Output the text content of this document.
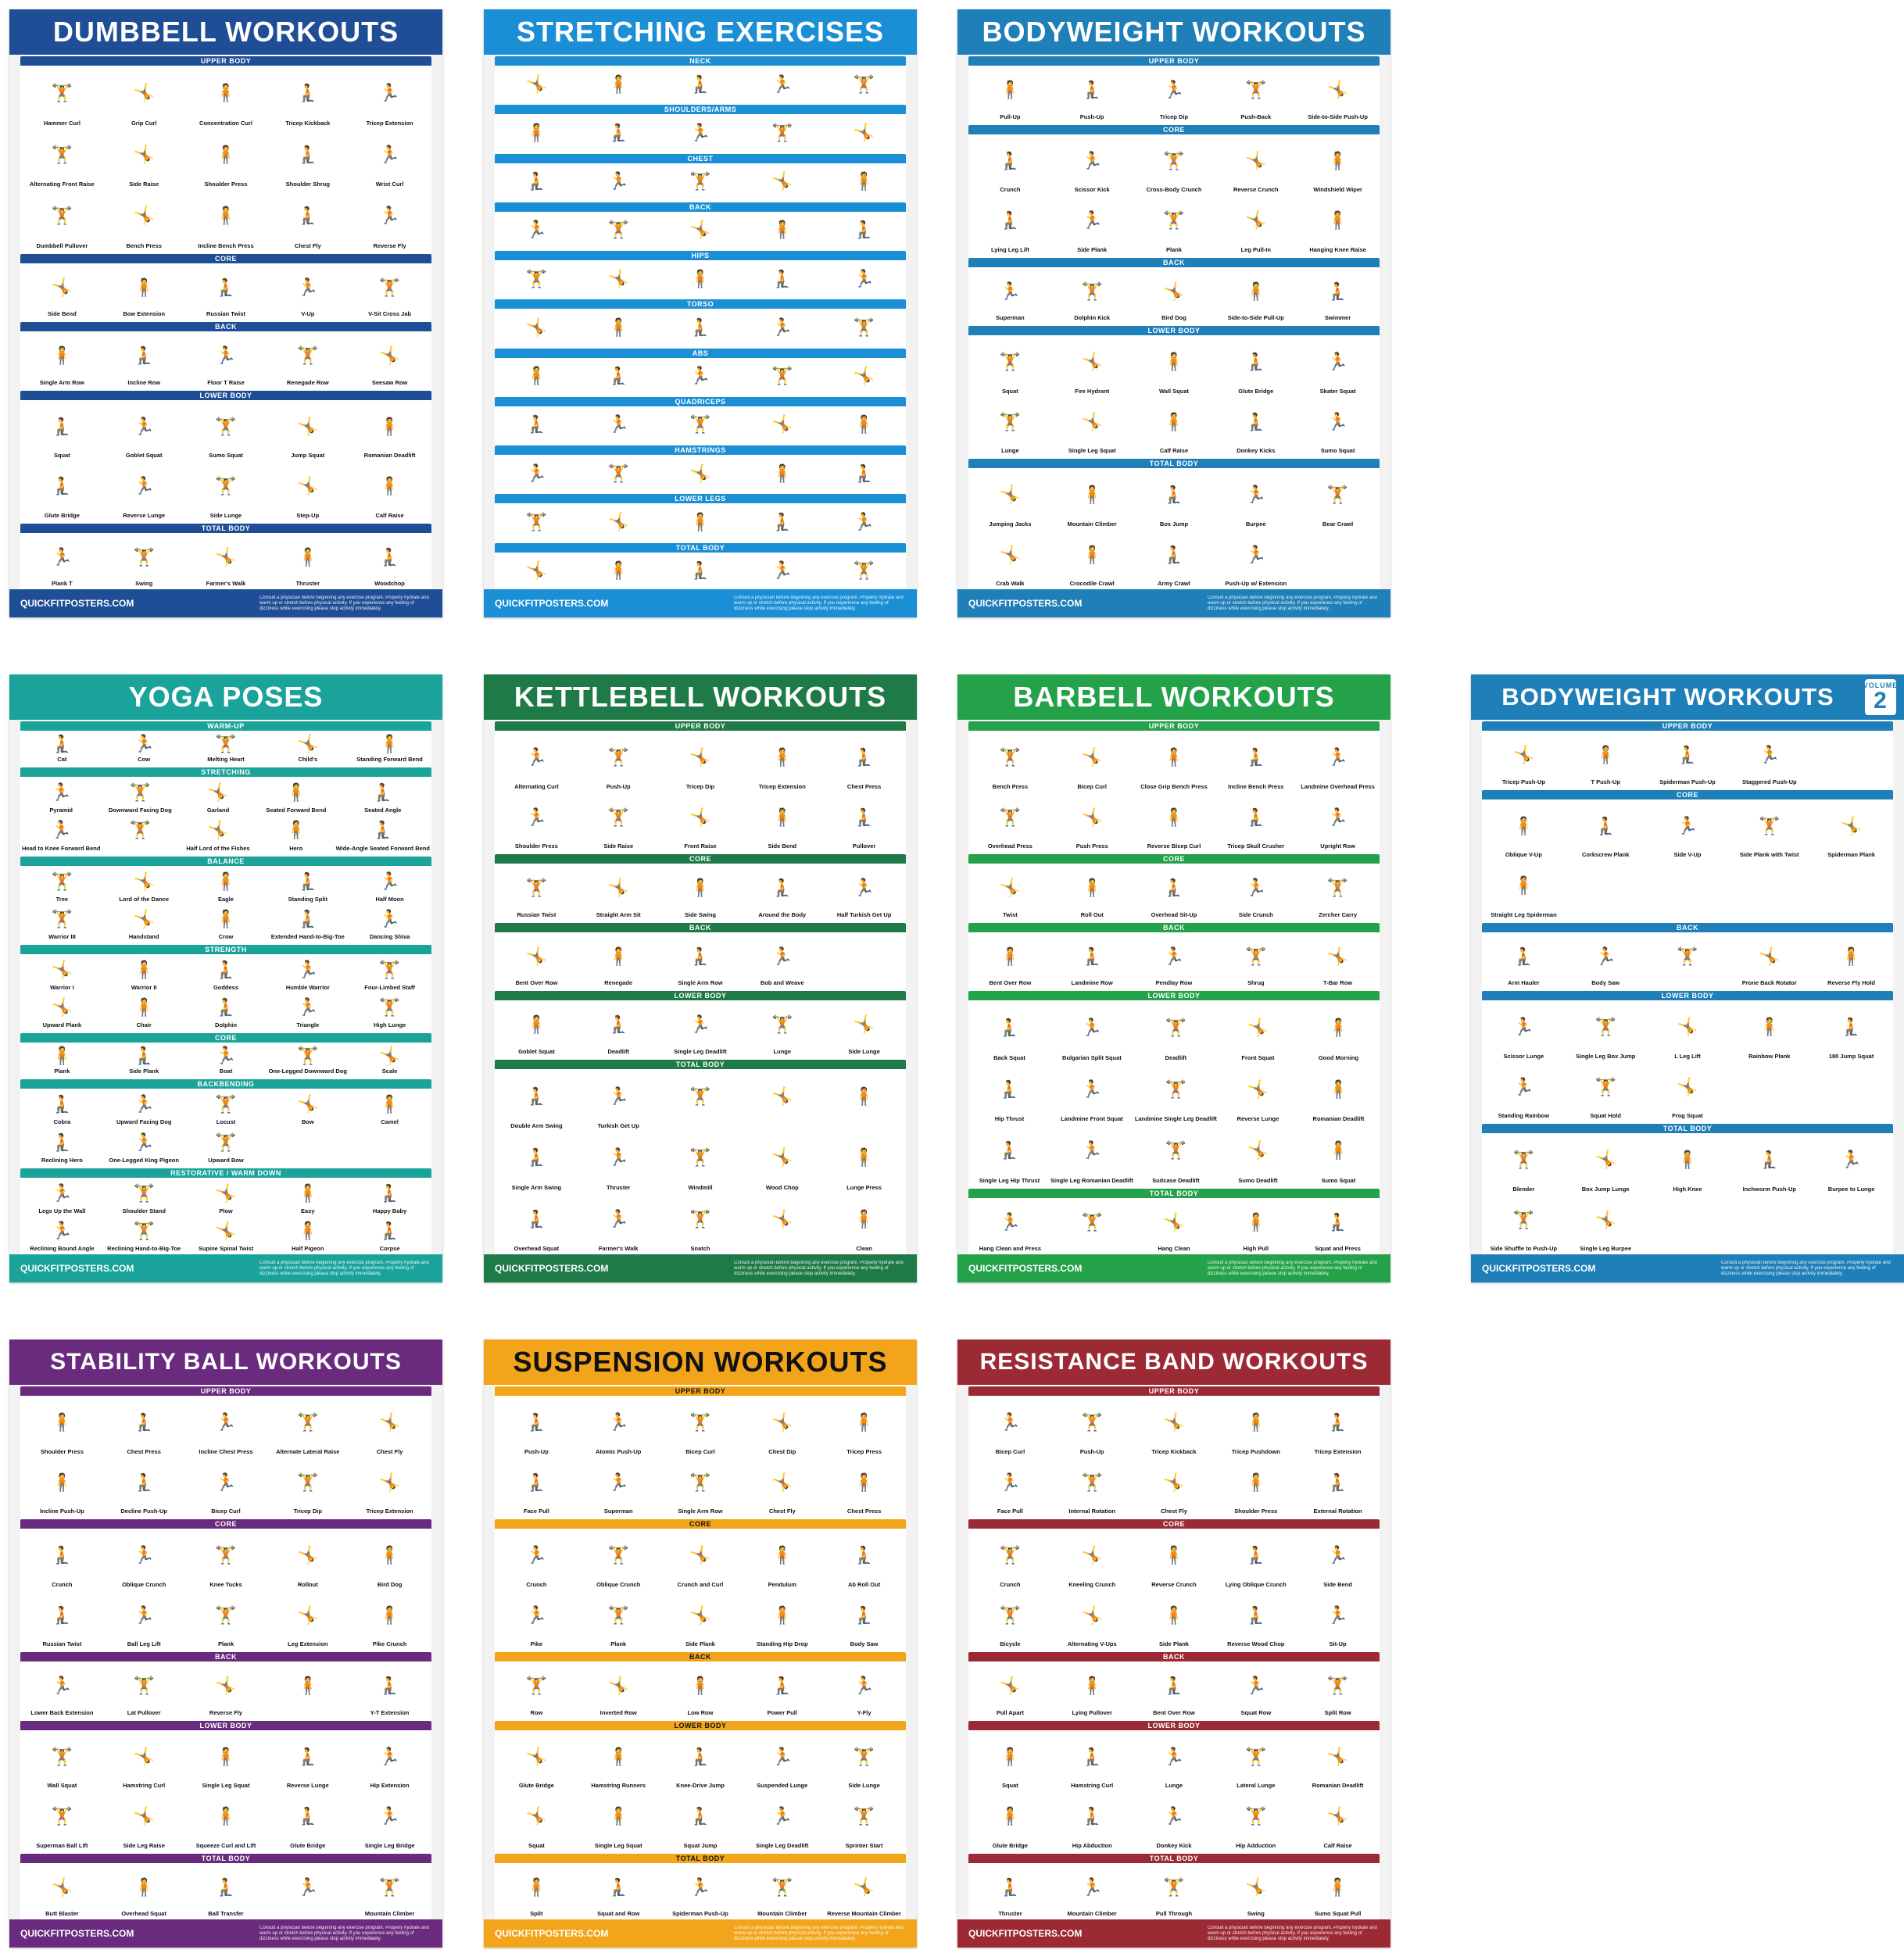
DUMBBELL WORKOUTS
UPPER BODY
🏋
Hammer Curl
🤸
Grip Curl
🧍
Concentration Curl
🧎
Tricep Kickback
🏃
Tricep Extension
🏋
Alternating Front Raise
🤸
Side Raise
🧍
Shoulder Press
🧎
Shoulder Shrug
🏃
Wrist Curl
🏋
Dumbbell Pullover
🤸
Bench Press
🧍
Incline Bench Press
🧎
Chest Fly
🏃
Reverse Fly
CORE
🤸
Side Bend
🧍
Bow Extension
🧎
Russian Twist
🏃
V-Up
🏋
V-Sit Cross Jab
BACK
🧍
Single Arm Row
🧎
Incline Row
🏃
Floor T Raise
🏋
Renegade Row
🤸
Seesaw Row
LOWER BODY
🧎
Squat
🏃
Goblet Squat
🏋
Sumo Squat
🤸
Jump Squat
🧍
Romanian Deadlift
🧎
Glute Bridge
🏃
Reverse Lunge
🏋
Side Lunge
🤸
Step-Up
🧍
Calf Raise
TOTAL BODY
🏃
Plank T
🏋
Swing
🤸
Farmer's Walk
🧍
Thruster
🧎
Woodchop
QUICKFITPOSTERS.COM
Consult a physician before beginning any exercise program. Properly hydrate and warm up or stretch before physical activity. If you experience any feeling of dizziness while exercising please stop activity immediately.
STRETCHING EXERCISES
NECK
🤸	🧍	🧎	🏃	🏋
SHOULDERS/ARMS
🧍	🧎	🏃	🏋	🤸
CHEST
🧎	🏃	🏋	🤸	🧍
BACK
🏃	🏋	🤸	🧍	🧎
HIPS
🏋	🤸	🧍	🧎	🏃
TORSO
🤸	🧍	🧎	🏃	🏋
ABS
🧍	🧎	🏃	🏋	🤸
QUADRICEPS
🧎	🏃	🏋	🤸	🧍
HAMSTRINGS
🏃	🏋	🤸	🧍	🧎
LOWER LEGS
🏋	🤸	🧍	🧎	🏃
TOTAL BODY
🤸	🧍	🧎	🏃	🏋
QUICKFITPOSTERS.COM
Consult a physician before beginning any exercise program. Properly hydrate and warm up or stretch before physical activity. If you experience any feeling of dizziness while exercising please stop activity immediately.
BODYWEIGHT WORKOUTS
UPPER BODY
🧍
Pull-Up
🧎
Push-Up
🏃
Tricep Dip
🏋
Push-Back
🤸
Side-to-Side Push-Up
CORE
🧎
Crunch
🏃
Scissor Kick
🏋
Cross-Body Crunch
🤸
Reverse Crunch
🧍
Windshield Wiper
🧎
Lying Leg Lift
🏃
Side Plank
🏋
Plank
🤸
Leg Pull-In
🧍
Hanging Knee Raise
BACK
🏃
Superman
🏋
Dolphin Kick
🤸
Bird Dog
🧍
Side-to-Side Pull-Up
🧎
Swimmer
LOWER BODY
🏋
Squat
🤸
Fire Hydrant
🧍
Wall Squat
🧎
Glute Bridge
🏃
Skater Squat
🏋
Lunge
🤸
Single Leg Squat
🧍
Calf Raise
🧎
Donkey Kicks
🏃
Sumo Squat
TOTAL BODY
🤸
Jumping Jacks
🧍
Mountain Climber
🧎
Box Jump
🏃
Burpee
🏋
Bear Crawl
🤸
Crab Walk
🧍
Crocodile Crawl
🧎
Army Crawl
🏃
Push-Up w/ Extension
QUICKFITPOSTERS.COM
Consult a physician before beginning any exercise program. Properly hydrate and warm up or stretch before physical activity. If you experience any feeling of dizziness while exercising please stop activity immediately.
YOGA POSES
WARM-UP
🧎
Cat
🏃
Cow
🏋
Melting Heart
🤸
Child's
🧍
Standing Forward Bend
STRETCHING
🏃
Pyramid
🏋
Downward Facing Dog
🤸
Garland
🧍
Seated Forward Bend
🧎
Seated Angle
🏃
Head to Knee Forward Bend
🏋	🤸
Half Lord of the Fishes
🧍
Hero
🧎
Wide-Angle Seated Forward Bend
BALANCE
🏋
Tree
🤸
Lord of the Dance
🧍
Eagle
🧎
Standing Split
🏃
Half Moon
🏋
Warrior III
🤸
Handstand
🧍
Crow
🧎
Extended Hand-to-Big-Toe
🏃
Dancing Shiva
STRENGTH
🤸
Warrior I
🧍
Warrior II
🧎
Goddess
🏃
Humble Warrior
🏋
Four-Limbed Staff
🤸
Upward Plank
🧍
Chair
🧎
Dolphin
🏃
Triangle
🏋
High Lunge
CORE
🧍
Plank
🧎
Side Plank
🏃
Boat
🏋
One-Legged Downward Dog
🤸
Scale
BACKBENDING
🧎
Cobra
🏃
Upward Facing Dog
🏋
Locust
🤸
Bow
🧍
Camel
🧎
Reclining Hero
🏃
One-Legged King Pigeon
🏋
Upward Bow
RESTORATIVE / WARM DOWN
🏃
Legs Up the Wall
🏋
Shoulder Stand
🤸
Plow
🧍
Easy
🧎
Happy Baby
🏃
Reclining Bound Angle
🏋
Reclining Hand-to-Big-Toe
🤸
Supine Spinal Twist
🧍
Half Pigeon
🧎
Corpse
QUICKFITPOSTERS.COM
Consult a physician before beginning any exercise program. Properly hydrate and warm up or stretch before physical activity. If you experience any feeling of dizziness while exercising please stop activity immediately.
KETTLEBELL WORKOUTS
UPPER BODY
🏃
Alternating Curl
🏋
Push-Up
🤸
Tricep Dip
🧍
Tricep Extension
🧎
Chest Press
🏃
Shoulder Press
🏋
Side Raise
🤸
Front Raise
🧍
Side Bend
🧎
Pullover
CORE
🏋
Russian Twist
🤸
Straight Arm Sit
🧍
Side Swing
🧎
Around the Body
🏃
Half Turkish Get Up
BACK
🤸
Bent Over Row
🧍
Renegade
🧎
Single Arm Row
🏃
Bob and Weave
LOWER BODY
🧍
Goblet Squat
🧎
Deadlift
🏃
Single Leg Deadlift
🏋
Lunge
🤸
Side Lunge
TOTAL BODY
🧎
Double Arm Swing
🏃
Turkish Get Up
🏋	🤸	🧍
🧎
Single Arm Swing
🏃
Thruster
🏋
Windmill
🤸
Wood Chop
🧍
Lunge Press
🧎
Overhead Squat
🏃
Farmer's Walk
🏋
Snatch
🤸	🧍
Clean
QUICKFITPOSTERS.COM
Consult a physician before beginning any exercise program. Properly hydrate and warm up or stretch before physical activity. If you experience any feeling of dizziness while exercising please stop activity immediately.
BARBELL WORKOUTS
UPPER BODY
🏋
Bench Press
🤸
Bicep Curl
🧍
Close Grip Bench Press
🧎
Incline Bench Press
🏃
Landmine Overhead Press
🏋
Overhead Press
🤸
Push Press
🧍
Reverse Bicep Curl
🧎
Tricep Skull Crusher
🏃
Upright Row
CORE
🤸
Twist
🧍
Roll Out
🧎
Overhead Sit-Up
🏃
Side Crunch
🏋
Zercher Carry
BACK
🧍
Bent Over Row
🧎
Landmine Row
🏃
Pendlay Row
🏋
Shrug
🤸
T-Bar Row
LOWER BODY
🧎
Back Squat
🏃
Bulgarian Split Squat
🏋
Deadlift
🤸
Front Squat
🧍
Good Morning
🧎
Hip Thrust
🏃
Landmine Front Squat
🏋
Landmine Single Leg Deadlift
🤸
Reverse Lunge
🧍
Romanian Deadlift
🧎
Single Leg Hip Thrust
🏃
Single Leg Romanian Deadlift
🏋
Suitcase Deadlift
🤸
Sumo Deadlift
🧍
Sumo Squat
TOTAL BODY
🏃
Hang Clean and Press
🏋	🤸
Hang Clean
🧍
High Pull
🧎
Squat and Press
QUICKFITPOSTERS.COM
Consult a physician before beginning any exercise program. Properly hydrate and warm up or stretch before physical activity. If you experience any feeling of dizziness while exercising please stop activity immediately.
BODYWEIGHT WORKOUTS	VOLUME
2
UPPER BODY
🤸
Tricep Push-Up
🧍
T Push-Up
🧎
Spiderman Push-Up
🏃
Staggered Push-Up
CORE
🧍
Oblique V-Up
🧎
Corkscrew Plank
🏃
Side V-Up
🏋
Side Plank with Twist
🤸
Spiderman Plank
🧍
Straight Leg Spiderman
BACK
🧎
Arm Hauler
🏃
Body Saw
🏋	🤸
Prone Back Rotator
🧍
Reverse Fly Hold
LOWER BODY
🏃
Scissor Lunge
🏋
Single Leg Box Jump
🤸
L Leg Lift
🧍
Rainbow Plank
🧎
180 Jump Squat
🏃
Standing Rainbow
🏋
Squat Hold
🤸
Frog Squat
TOTAL BODY
🏋
Blender
🤸
Box Jump Lunge
🧍
High Knee
🧎
Inchworm Push-Up
🏃
Burpee to Lunge
🏋
Side Shuffle to Push-Up
🤸
Single Leg Burpee
QUICKFITPOSTERS.COM
Consult a physician before beginning any exercise program. Properly hydrate and warm up or stretch before physical activity. If you experience any feeling of dizziness while exercising please stop activity immediately.
STABILITY BALL WORKOUTS
UPPER BODY
🧍
Shoulder Press
🧎
Chest Press
🏃
Incline Chest Press
🏋
Alternate Lateral Raise
🤸
Chest Fly
🧍
Incline Push-Up
🧎
Decline Push-Up
🏃
Bicep Curl
🏋
Tricep Dip
🤸
Tricep Extension
CORE
🧎
Crunch
🏃
Oblique Crunch
🏋
Knee Tucks
🤸
Rollout
🧍
Bird Dog
🧎
Russian Twist
🏃
Ball Leg Lift
🏋
Plank
🤸
Leg Extension
🧍
Pike Crunch
BACK
🏃
Lower Back Extension
🏋
Lat Pullover
🤸
Reverse Fly
🧍	🧎
Y-T Extension
LOWER BODY
🏋
Wall Squat
🤸
Hamstring Curl
🧍
Single Leg Squat
🧎
Reverse Lunge
🏃
Hip Extension
🏋
Superman Ball Lift
🤸
Side Leg Raise
🧍
Squeeze Curl and Lift
🧎
Glute Bridge
🏃
Single Leg Bridge
TOTAL BODY
🤸
Butt Blaster
🧍
Overhead Squat
🧎
Ball Transfer
🏃	🏋
Mountain Climber
QUICKFITPOSTERS.COM
Consult a physician before beginning any exercise program. Properly hydrate and warm up or stretch before physical activity. If you experience any feeling of dizziness while exercising please stop activity immediately.
SUSPENSION WORKOUTS
UPPER BODY
🧎
Push-Up
🏃
Atomic Push-Up
🏋
Bicep Curl
🤸
Chest Dip
🧍
Tricep Press
🧎
Face Pull
🏃
Superman
🏋
Single Arm Row
🤸
Chest Fly
🧍
Chest Press
CORE
🏃
Crunch
🏋
Oblique Crunch
🤸
Crunch and Curl
🧍
Pendulum
🧎
Ab Roll Out
🏃
Pike
🏋
Plank
🤸
Side Plank
🧍
Standing Hip Drop
🧎
Body Saw
BACK
🏋
Row
🤸
Inverted Row
🧍
Low Row
🧎
Power Pull
🏃
Y-Fly
LOWER BODY
🤸
Glute Bridge
🧍
Hamstring Runners
🧎
Knee-Drive Jump
🏃
Suspended Lunge
🏋
Side Lunge
🤸
Squat
🧍
Single Leg Squat
🧎
Squat Jump
🏃
Single Leg Deadlift
🏋
Sprinter Start
TOTAL BODY
🧍
Split
🧎
Squat and Row
🏃
Spiderman Push-Up
🏋
Mountain Climber
🤸
Reverse Mountain Climber
QUICKFITPOSTERS.COM
Consult a physician before beginning any exercise program. Properly hydrate and warm up or stretch before physical activity. If you experience any feeling of dizziness while exercising please stop activity immediately.
RESISTANCE BAND WORKOUTS
UPPER BODY
🏃
Bicep Curl
🏋
Push-Up
🤸
Tricep Kickback
🧍
Tricep Pushdown
🧎
Tricep Extension
🏃
Face Pull
🏋
Internal Rotation
🤸
Chest Fly
🧍
Shoulder Press
🧎
External Rotation
CORE
🏋
Crunch
🤸
Kneeling Crunch
🧍
Reverse Crunch
🧎
Lying Oblique Crunch
🏃
Side Bend
🏋
Bicycle
🤸
Alternating V-Ups
🧍
Side Plank
🧎
Reverse Wood Chop
🏃
Sit-Up
BACK
🤸
Pull Apart
🧍
Lying Pullover
🧎
Bent Over Row
🏃
Squat Row
🏋
Split Row
LOWER BODY
🧍
Squat
🧎
Hamstring Curl
🏃
Lunge
🏋
Lateral Lunge
🤸
Romanian Deadlift
🧍
Glute Bridge
🧎
Hip Abduction
🏃
Donkey Kick
🏋
Hip Adduction
🤸
Calf Raise
TOTAL BODY
🧎
Thruster
🏃
Mountain Climber
🏋
Pull Through
🤸
Swing
🧍
Sumo Squat Pull
QUICKFITPOSTERS.COM
Consult a physician before beginning any exercise program. Properly hydrate and warm up or stretch before physical activity. If you experience any feeling of dizziness while exercising please stop activity immediately.
